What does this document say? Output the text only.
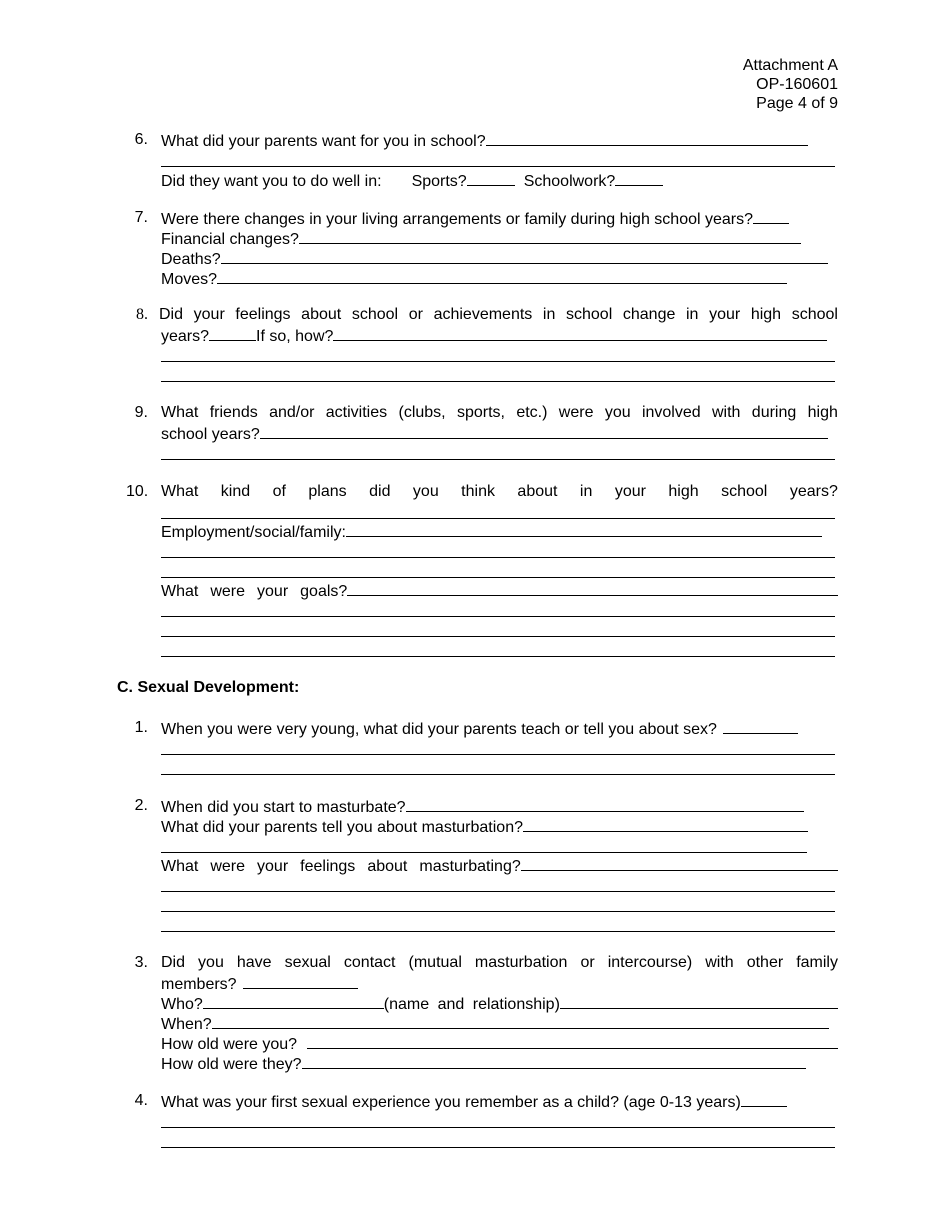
Attachment A
OP-160601
Page 4 of 9
6. What did your parents want for you in school?
Did they want you to do well in: Sports?	Schoolwork?
7. Were there changes in your living arrangements or family during high school years?
Financial changes?
Deaths?
Moves?
8. Did your feelings about school or achievements in school change in your high school
years?	If so, how?
9. What friends and/or activities (clubs, sports, etc.) were you involved with during high
school years?
10. What kind of plans did you think about in your high school years?
Employment/social/family:
What were your goals?
C. Sexual Development:
1. When you were very young, what did your parents teach or tell you about sex?
2. When did you start to masturbate?
What did your parents tell you about masturbation?
What were your feelings about masturbating?
3. Did you have sexual contact (mutual masturbation or intercourse) with other family
members?
Who?	(name and relationship)
When?
How old were you?
How old were they?
4. What was your first sexual experience you remember as a child? (age 0-13 years)
